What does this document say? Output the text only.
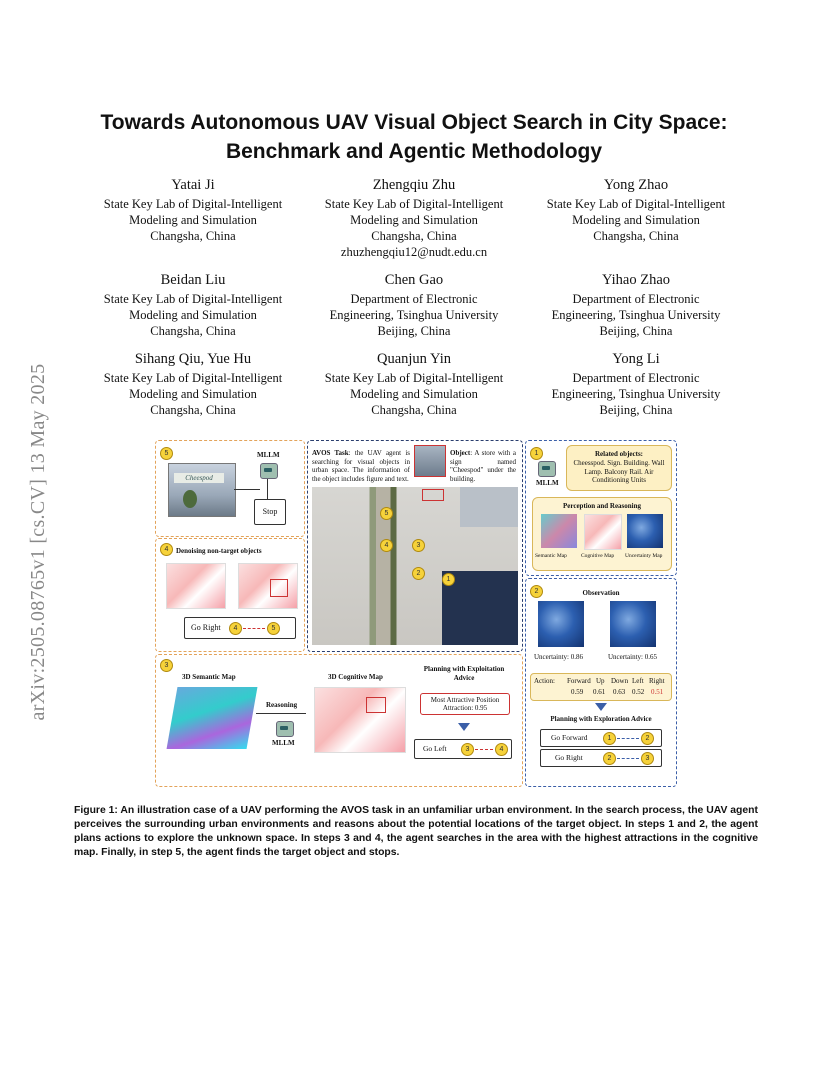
arXiv:2505.08765v1 [cs.CV] 13 May 2025
Towards Autonomous UAV Visual Object Search in City Space:
Benchmark and Agentic Methodology
Yatai Ji
State Key Lab of Digital-Intelligent
Modeling and Simulation
Changsha, China
Zhengqiu Zhu
State Key Lab of Digital-Intelligent
Modeling and Simulation
Changsha, China
zhuzhengqiu12@nudt.edu.cn
Yong Zhao
State Key Lab of Digital-Intelligent
Modeling and Simulation
Changsha, China
Beidan Liu
State Key Lab of Digital-Intelligent
Modeling and Simulation
Changsha, China
Chen Gao
Department of Electronic
Engineering, Tsinghua University
Beijing, China
Yihao Zhao
Department of Electronic
Engineering, Tsinghua University
Beijing, China
Sihang Qiu, Yue Hu
State Key Lab of Digital-Intelligent
Modeling and Simulation
Changsha, China
Quanjun Yin
State Key Lab of Digital-Intelligent
Modeling and Simulation
Changsha, China
Yong Li
Department of Electronic
Engineering, Tsinghua University
Beijing, China
5
Cheespod
MLLM
Stop
4	Denoising non-target objects
Go Right	4	5
AVOS Task: the UAV agent is searching for visual objects in urban space. The information of the object includes figure and text.
Object: A store with a sign named "Cheespod" under the building.
5
4	3
2
1
1
MLLM
Related objects:
Cheesspod. Sign. Building. Wall Lamp. Balcony Rail. Air Conditioning Units
Perception and Reasoning
Semantic Map	Cognitive Map Uncertainty Map
2	Observation
Uncertainty: 0.86	Uncertainty: 0.65
Action: Forward Up Down Left Right
0.59 0.61 0.63 0.52 0.51
Planning with Exploration Advice
Go Forward	1	2
Go Right	2	3
3
3D Semantic Map
Reasoning
MLLM
3D Cognitive Map
Planning with Exploitation Advice
Most Attractive Position
Attraction: 0.95
Go Left	3	4
Figure 1: An illustration case of a UAV performing the AVOS task in an unfamiliar urban environment. In the search process, the UAV agent perceives the surrounding urban environments and reasons about the potential locations of the target object. In steps 1 and 2, the agent plans actions to explore the unknown space. In steps 3 and 4, the agent searches in the area with the highest attractions in the cognitive map. Finally, in step 5, the agent finds the target object and stops.
